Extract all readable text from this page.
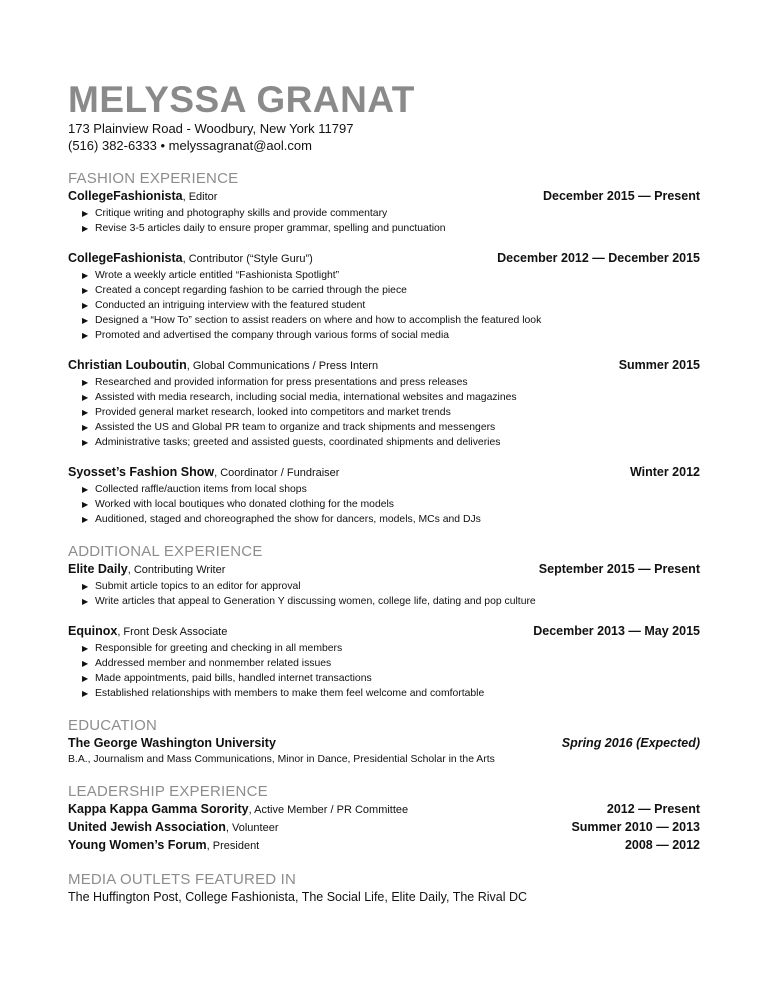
MELYSSA GRANAT
173 Plainview Road - Woodbury, New York 11797
(516) 382-6333 • melyssagranat@aol.com
FASHION EXPERIENCE
CollegeFashionista, Editor	December 2015 — Present
▶ Critique writing and photography skills and provide commentary
▶ Revise 3-5 articles daily to ensure proper grammar, spelling and punctuation
CollegeFashionista, Contributor (“Style Guru”)	December 2012 — December 2015
▶ Wrote a weekly article entitled “Fashionista Spotlight”
▶ Created a concept regarding fashion to be carried through the piece
▶ Conducted an intriguing interview with the featured student
▶ Designed a “How To” section to assist readers on where and how to accomplish the featured look
▶ Promoted and advertised the company through various forms of social media
Christian Louboutin, Global Communications / Press Intern	Summer 2015
▶ Researched and provided information for press presentations and press releases
▶ Assisted with media research, including social media, international websites and magazines
▶ Provided general market research, looked into competitors and market trends
▶ Assisted the US and Global PR team to organize and track shipments and messengers
▶ Administrative tasks; greeted and assisted guests, coordinated shipments and deliveries
Syosset’s Fashion Show, Coordinator / Fundraiser	Winter 2012
▶ Collected raffle/auction items from local shops
▶ Worked with local boutiques who donated clothing for the models
▶ Auditioned, staged and choreographed the show for dancers, models, MCs and DJs
ADDITIONAL EXPERIENCE
Elite Daily, Contributing Writer	September 2015 — Present
▶ Submit article topics to an editor for approval
▶ Write articles that appeal to Generation Y discussing women, college life, dating and pop culture
Equinox, Front Desk Associate	December 2013 — May 2015
▶ Responsible for greeting and checking in all members
▶ Addressed member and nonmember related issues
▶ Made appointments, paid bills, handled internet transactions
▶ Established relationships with members to make them feel welcome and comfortable
EDUCATION
The George Washington University	Spring 2016 (Expected)
B.A., Journalism and Mass Communications, Minor in Dance, Presidential Scholar in the Arts
LEADERSHIP EXPERIENCE
Kappa Kappa Gamma Sorority, Active Member / PR Committee	2012 — Present
United Jewish Association, Volunteer	Summer 2010 — 2013
Young Women’s Forum, President	2008 — 2012
MEDIA OUTLETS FEATURED IN
The Huffington Post, College Fashionista, The Social Life, Elite Daily, The Rival DC
